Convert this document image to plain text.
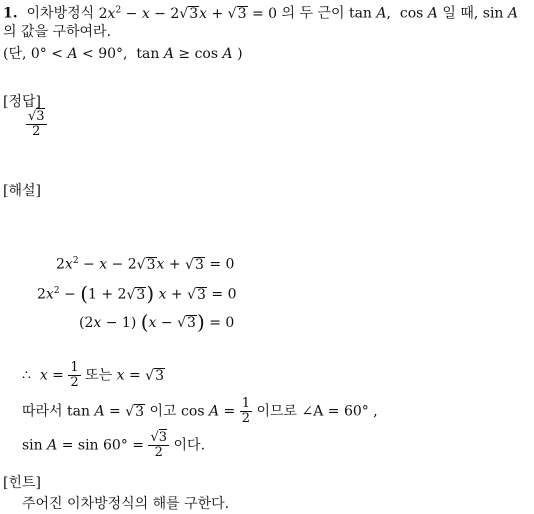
1. 이차방정식 $2x^2 - x - 2√3x + √3 = 0$ 의 두 근이 tan A,  cos A 일 때, sin A
의 값을 구하여라.
(단, 0° < A < 90°,  tan A ≥ cos A )
[정답]
$\frac{√3}{2}$
[해설]
$2x^2 - x - 2√3x + √3 = 0$
$2x^2 - (1 + 2√3) x + √3 = 0$
(2x − 1) (x − √3) = 0
∴  $x = \frac{1}{2}$ 또는 x = √3
따라서 tan A = √3 이고 $\cos A = \frac{1}{2}$ 이므로 ∠A = 60° ,
$\sin A = \sin 60^\circ = \frac{√3}{2}$ 이다.
[힌트]
주어진 이차방정식의 해를 구한다.
